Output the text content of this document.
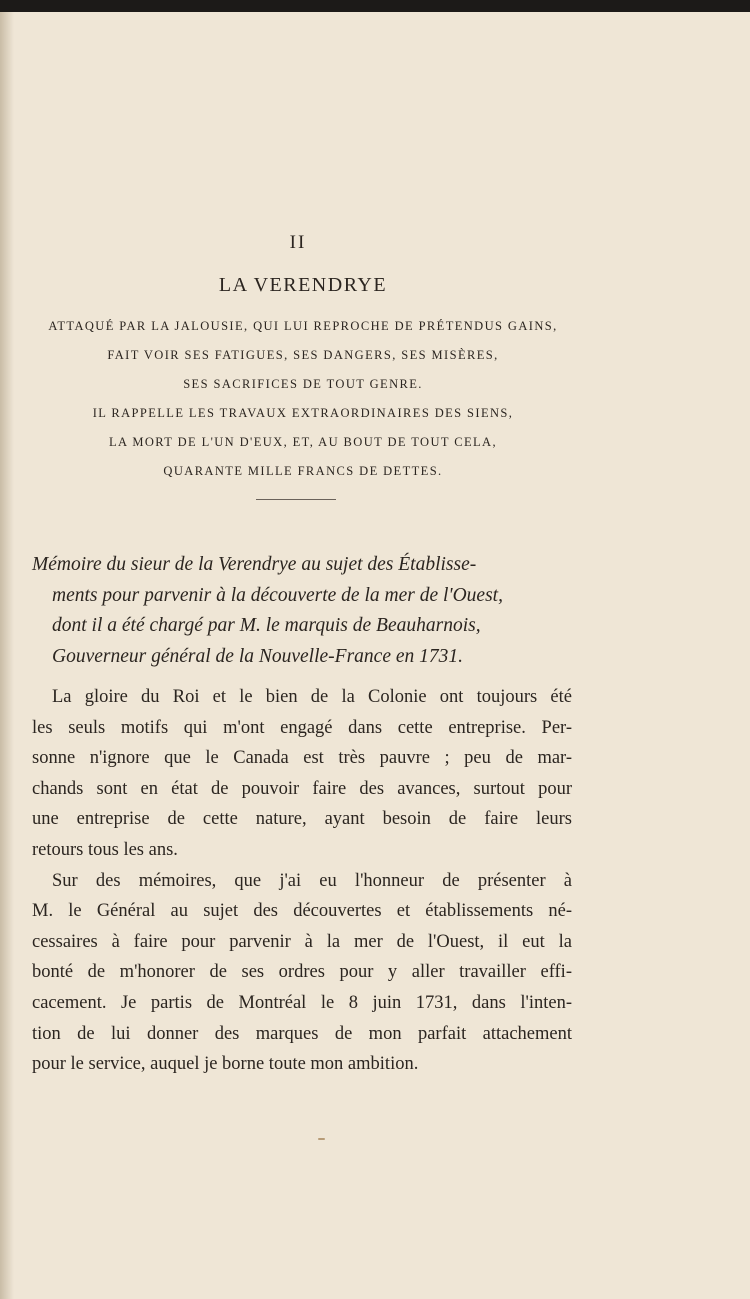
II
LA VERENDRYE
ATTAQUÉ PAR LA JALOUSIE, QUI LUI REPROCHE DE PRÉTENDUS GAINS,
FAIT VOIR SES FATIGUES, SES DANGERS, SES MISÈRES,
SES SACRIFICES DE TOUT GENRE.
IL RAPPELLE LES TRAVAUX EXTRAORDINAIRES DES SIENS,
LA MORT DE L'UN D'EUX, ET, AU BOUT DE TOUT CELA,
QUARANTE MILLE FRANCS DE DETTES.
Mémoire du sieur de la Verendrye au sujet des Établisse-
ments pour parvenir à la découverte de la mer de l'Ouest,
dont il a été chargé par M. le marquis de Beauharnois,
Gouverneur général de la Nouvelle-France en 1731.
La gloire du Roi et le bien de la Colonie ont toujours été
les seuls motifs qui m'ont engagé dans cette entreprise. Per-
sonne n'ignore que le Canada est très pauvre ; peu de mar-
chands sont en état de pouvoir faire des avances, surtout pour
une entreprise de cette nature, ayant besoin de faire leurs
retours tous les ans.
Sur des mémoires, que j'ai eu l'honneur de présenter à
M. le Général au sujet des découvertes et établissements né-
cessaires à faire pour parvenir à la mer de l'Ouest, il eut la
bonté de m'honorer de ses ordres pour y aller travailler effi-
cacement. Je partis de Montréal le 8 juin 1731, dans l'inten-
tion de lui donner des marques de mon parfait attachement
pour le service, auquel je borne toute mon ambition.
